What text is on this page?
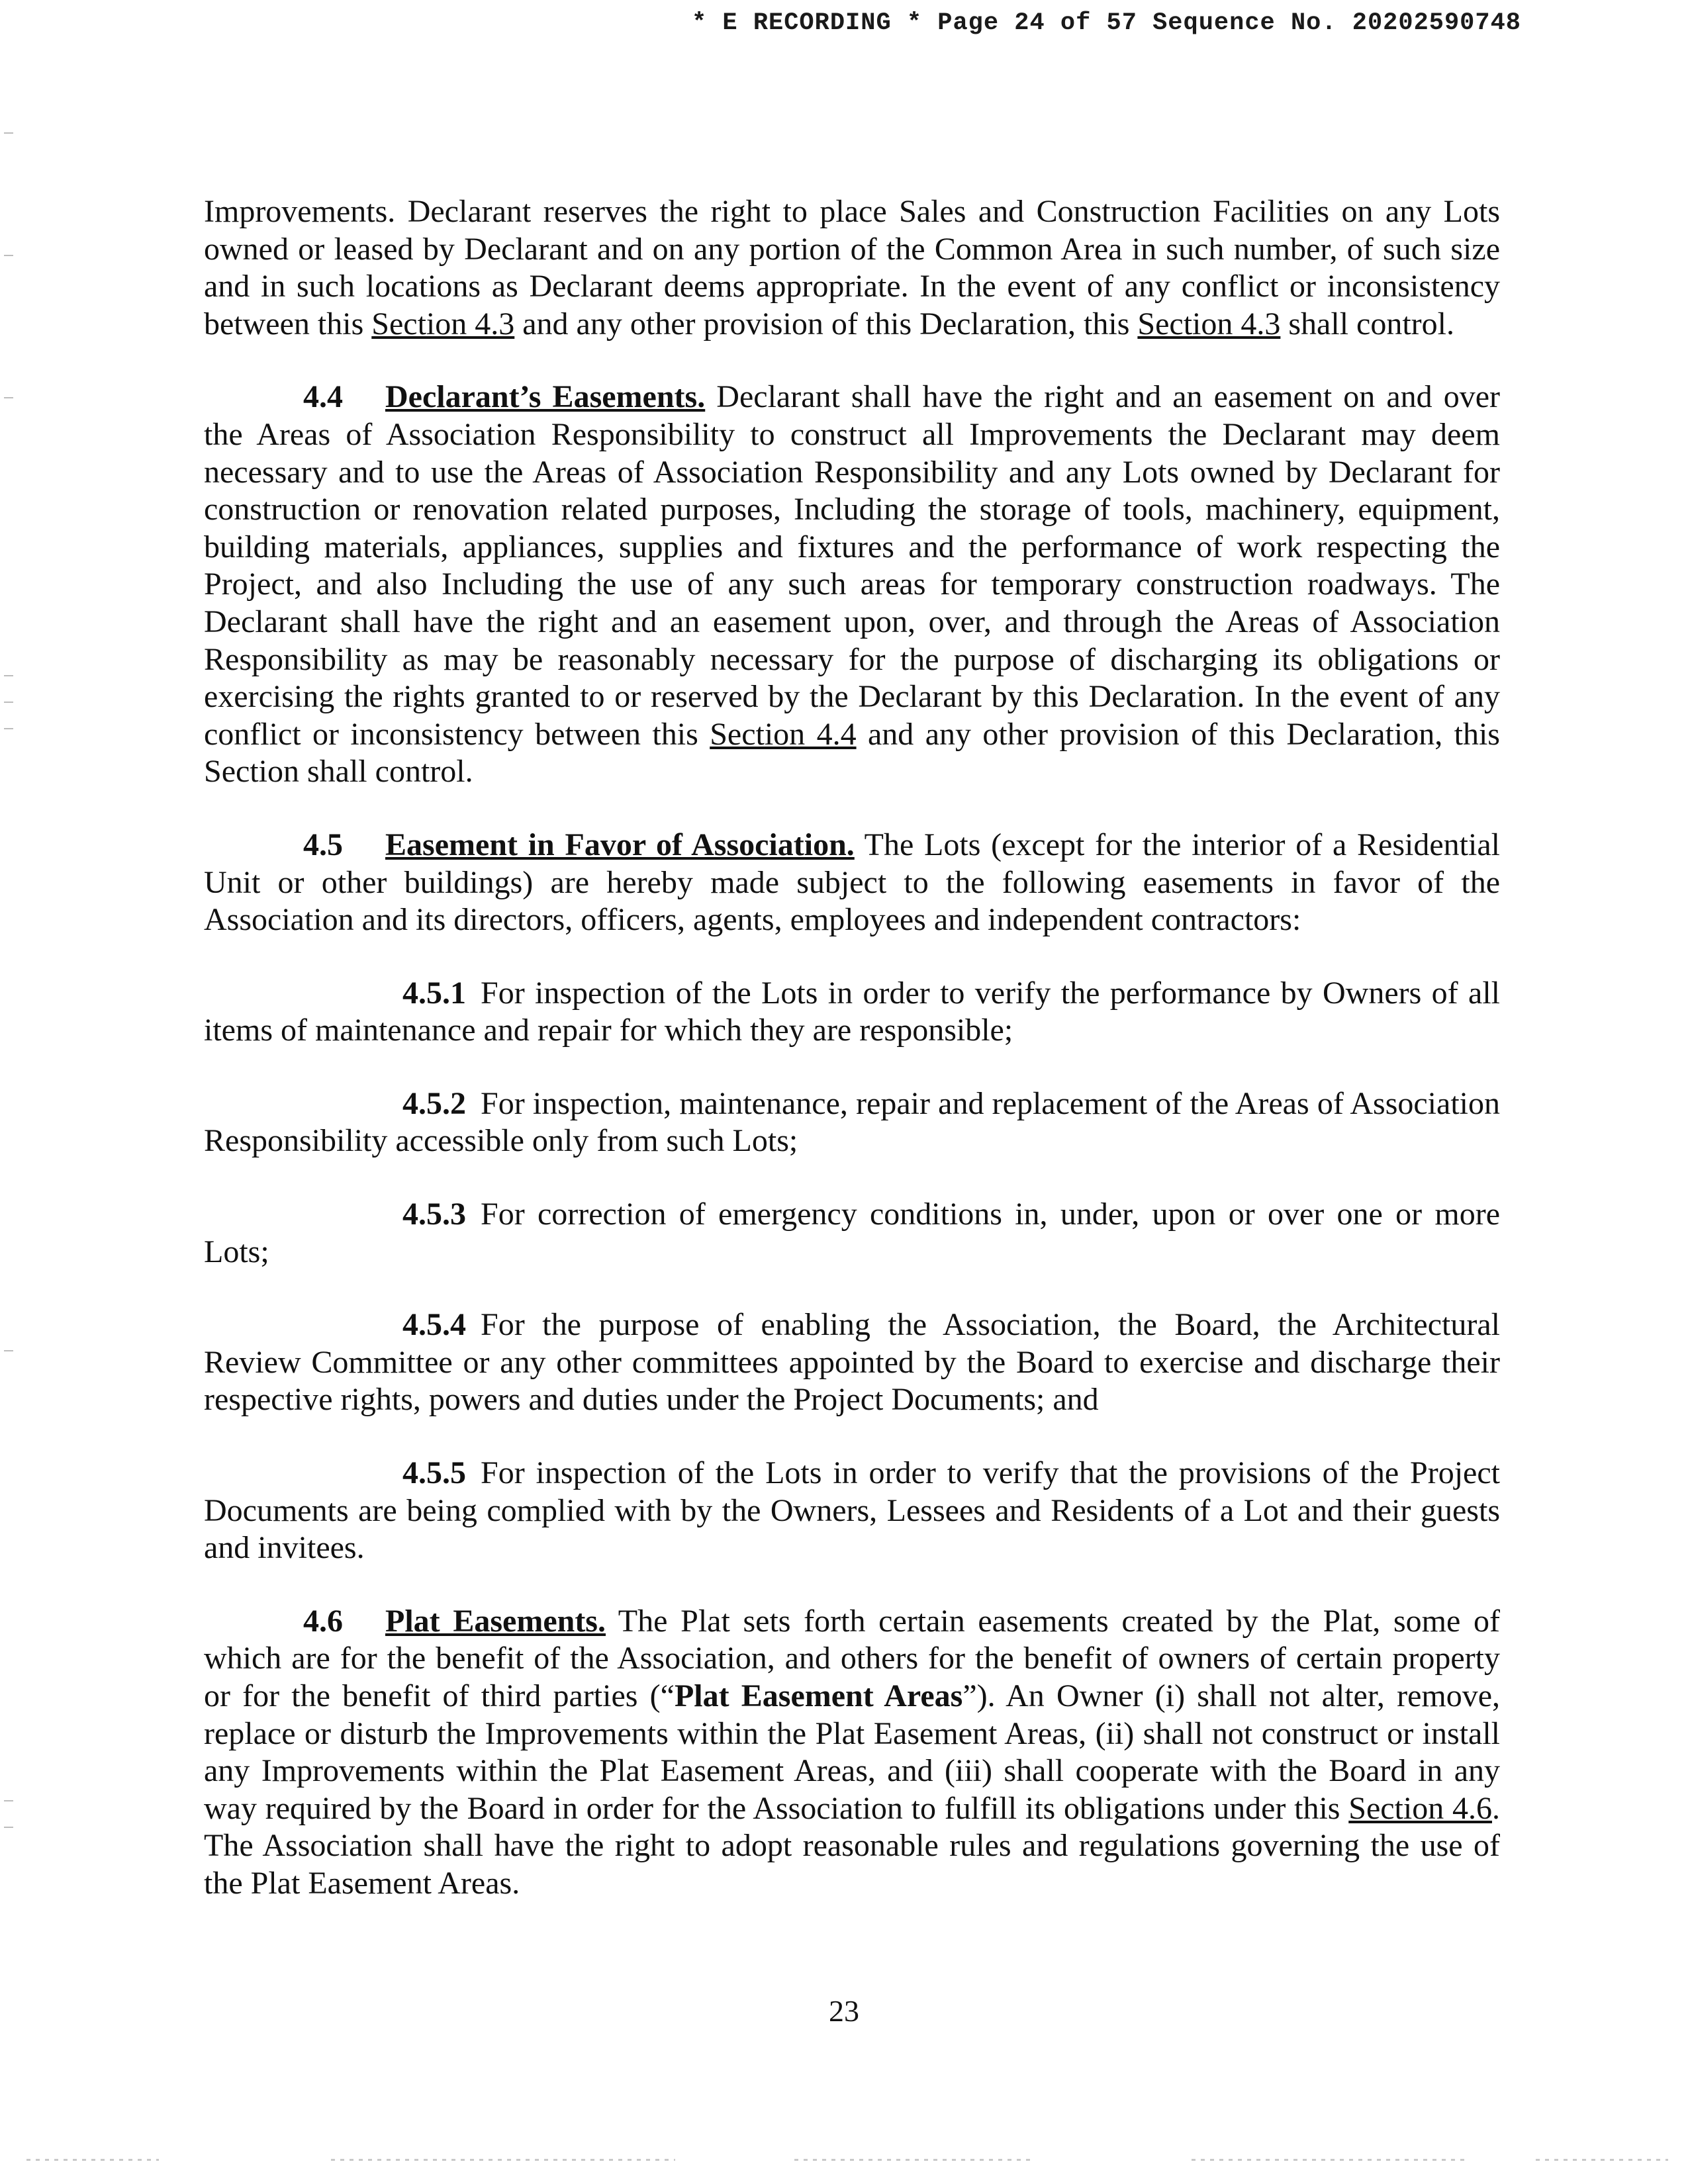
* E RECORDING * Page 24 of 57 Sequence No. 20202590748

Improvements. Declarant reserves the right to place Sales and Construction Facilities on any Lots owned or leased by Declarant and on any portion of the Common Area in such number, of such size and in such locations as Declarant deems appropriate. In the event of any conflict or inconsistency between this Section 4.3 and any other provision of this Declaration, this Section 4.3 shall control.

4.4 Declarant’s Easements. Declarant shall have the right and an easement on and over the Areas of Association Responsibility to construct all Improvements the Declarant may deem necessary and to use the Areas of Association Responsibility and any Lots owned by Declarant for construction or renovation related purposes, Including the storage of tools, machinery, equipment, building materials, appliances, supplies and fixtures and the performance of work respecting the Project, and also Including the use of any such areas for temporary construction roadways. The Declarant shall have the right and an easement upon, over, and through the Areas of Association Responsibility as may be reasonably necessary for the purpose of discharging its obligations or exercising the rights granted to or reserved by the Declarant by this Declaration. In the event of any conflict or inconsistency between this Section 4.4 and any other provision of this Declaration, this Section shall control.

4.5 Easement in Favor of Association. The Lots (except for the interior of a Residential Unit or other buildings) are hereby made subject to the following easements in favor of the Association and its directors, officers, agents, employees and independent contractors:

4.5.1 For inspection of the Lots in order to verify the performance by Owners of all items of maintenance and repair for which they are responsible;

4.5.2 For inspection, maintenance, repair and replacement of the Areas of Association Responsibility accessible only from such Lots;

4.5.3 For correction of emergency conditions in, under, upon or over one or more Lots;

4.5.4 For the purpose of enabling the Association, the Board, the Architectural Review Committee or any other committees appointed by the Board to exercise and discharge their respective rights, powers and duties under the Project Documents; and

4.5.5 For inspection of the Lots in order to verify that the provisions of the Project Documents are being complied with by the Owners, Lessees and Residents of a Lot and their guests and invitees.

4.6 Plat Easements. The Plat sets forth certain easements created by the Plat, some of which are for the benefit of the Association, and others for the benefit of owners of certain property or for the benefit of third parties (“Plat Easement Areas”). An Owner (i) shall not alter, remove, replace or disturb the Improvements within the Plat Easement Areas, (ii) shall not construct or install any Improvements within the Plat Easement Areas, and (iii) shall cooperate with the Board in any way required by the Board in order for the Association to fulfill its obligations under this Section 4.6. The Association shall have the right to adopt reasonable rules and regulations governing the use of the Plat Easement Areas.

23
